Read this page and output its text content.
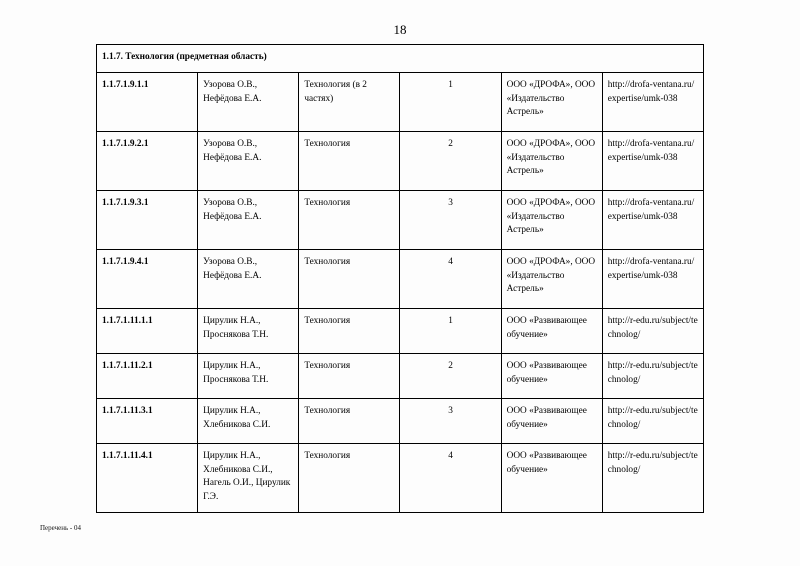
18
1.1.7. Технология (предметная область)					
1.1.7.1.9.1.1	Узорова О.В., Нефёдова Е.А.	Технология (в 2 частях)	1	ООО «ДРОФА», ООО «Издательство Астрель»	http://drofa-ventana.ru/expertise/umk-038
1.1.7.1.9.2.1	Узорова О.В., Нефёдова Е.А.	Технология	2	ООО «ДРОФА», ООО «Издательство Астрель»	http://drofa-ventana.ru/expertise/umk-038
1.1.7.1.9.3.1	Узорова О.В., Нефёдова Е.А.	Технология	3	ООО «ДРОФА», ООО «Издательство Астрель»	http://drofa-ventana.ru/expertise/umk-038
1.1.7.1.9.4.1	Узорова О.В., Нефёдова Е.А.	Технология	4	ООО «ДРОФА», ООО «Издательство Астрель»	http://drofa-ventana.ru/expertise/umk-038
1.1.7.1.11.1.1	Цирулик Н.А., Проснякова Т.Н.	Технология	1	ООО «Развивающее обучение»	http://r-edu.ru/subject/technolog/
1.1.7.1.11.2.1	Цирулик Н.А., Проснякова Т.Н.	Технология	2	ООО «Развивающее обучение»	http://r-edu.ru/subject/technolog/
1.1.7.1.11.3.1	Цирулик Н.А., Хлебникова С.И.	Технология	3	ООО «Развивающее обучение»	http://r-edu.ru/subject/technolog/
1.1.7.1.11.4.1	Цирулик Н.А., Хлебникова С.И., Нагель О.И., Цирулик Г.Э.	Технология	4	ООО «Развивающее обучение»	http://r-edu.ru/subject/technolog/
Перечень - 04
